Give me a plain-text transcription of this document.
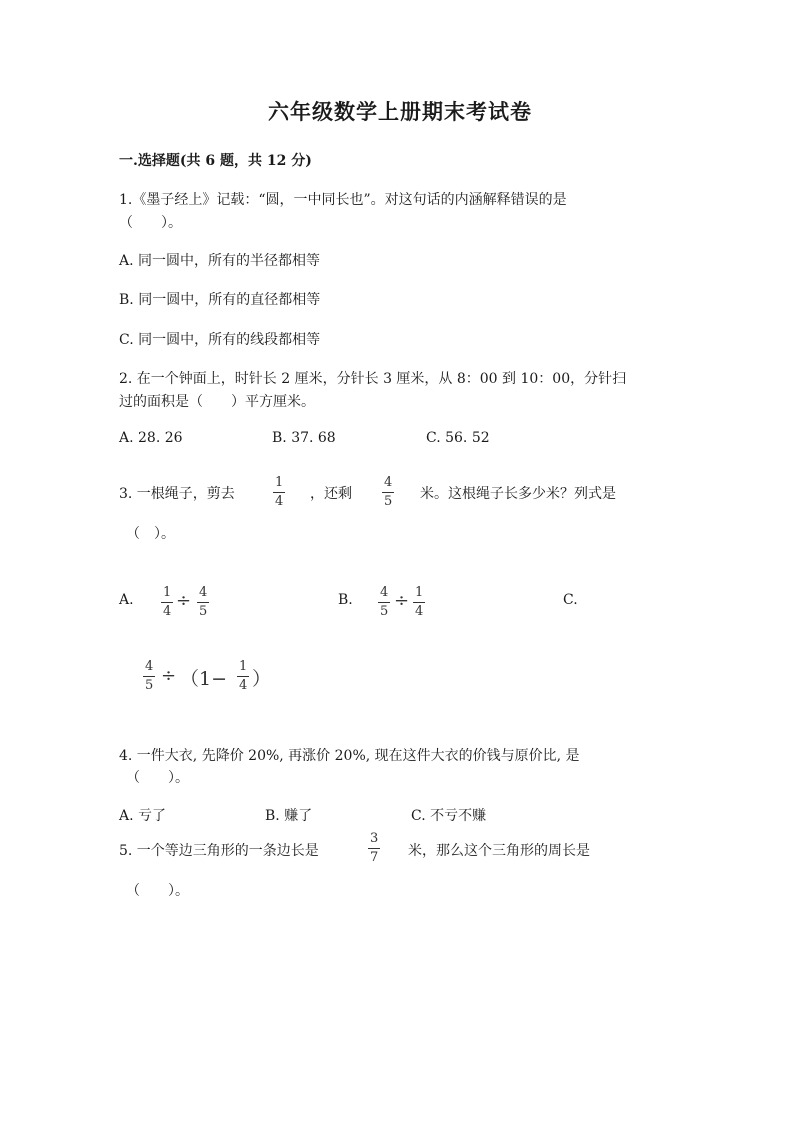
六年级数学上册期末考试卷
一.选择题(共 6 题，共 12 分)
1.《墨子经上》记载：“圆，一中同长也”。对这句话的内涵解释错误的是
（　　）。
A. 同一圆中，所有的半径都相等
B. 同一圆中，所有的直径都相等
C. 同一圆中，所有的线段都相等
2. 在一个钟面上，时针长 2 厘米，分针长 3 厘米，从 8：00 到 10：00，分针扫
过的面积是（　　）平方厘米。
A. 28. 26	B. 37. 68	C. 56. 52
3. 一根绳子，剪去
1
4 ，还剩
4
5 米。这根绳子长多少米？列式是
（　）。
A. 1
4
÷ 4
5
B. 4
5
÷ 1
4
C.
4
5 ÷ （1−
1
4 ）
4. 一件大衣, 先降价 20%, 再涨价 20%, 现在这件大衣的价钱与原价比, 是
（　　）。
A. 亏了	B. 赚了	C. 不亏不赚
5. 一个等边三角形的一条边长是
3
7 米，那么这个三角形的周长是
（　　）。
